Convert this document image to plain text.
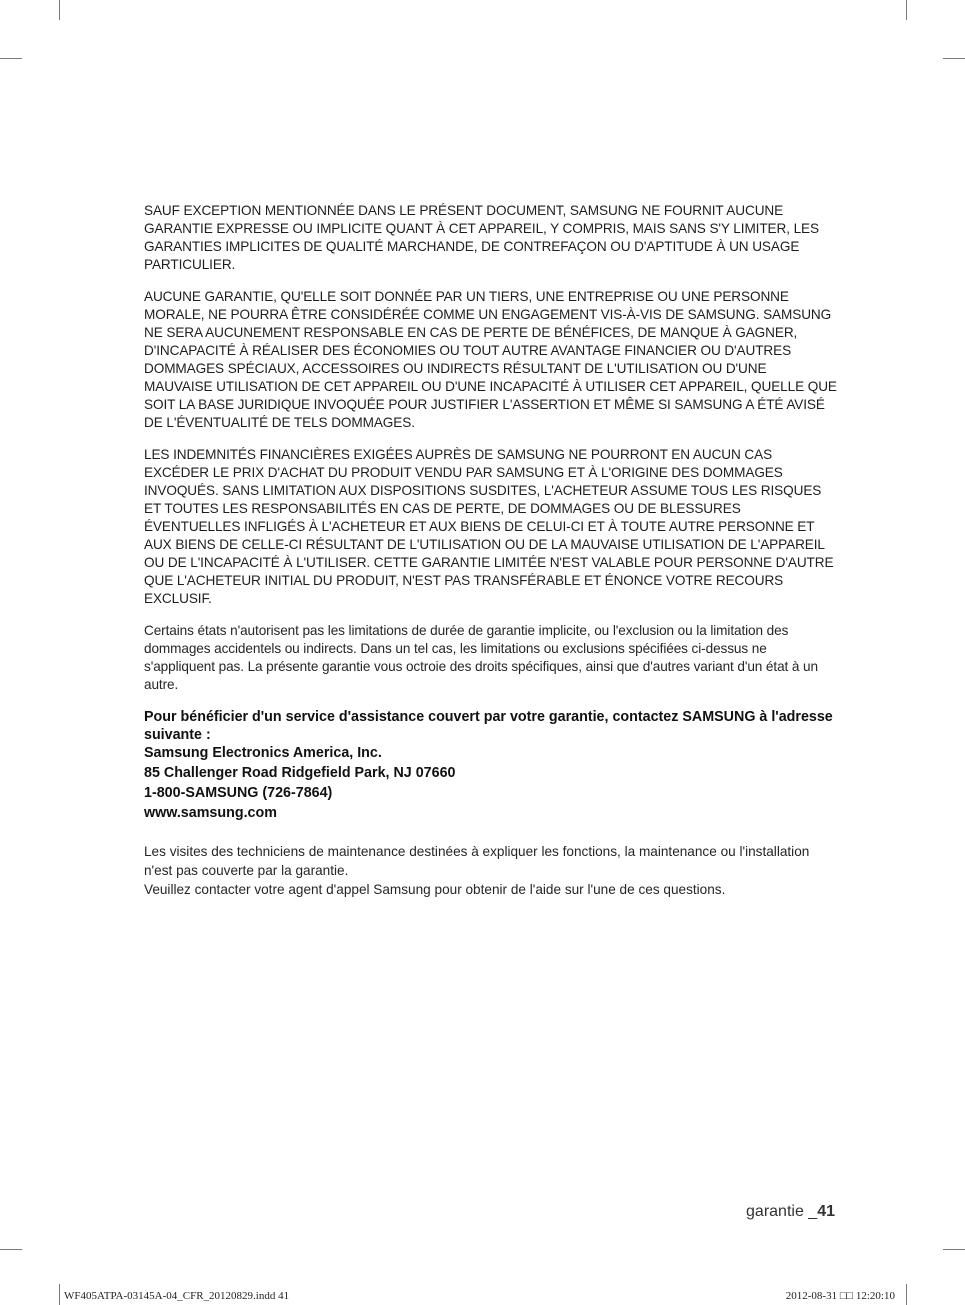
SAUF EXCEPTION MENTIONNÉE DANS LE PRÉSENT DOCUMENT, SAMSUNG NE FOURNIT AUCUNE GARANTIE EXPRESSE OU IMPLICITE QUANT À CET APPAREIL, Y COMPRIS, MAIS SANS S'Y LIMITER, LES GARANTIES IMPLICITES DE QUALITÉ MARCHANDE, DE CONTREFAÇON OU D'APTITUDE À UN USAGE PARTICULIER.

AUCUNE GARANTIE, QU'ELLE SOIT DONNÉE PAR UN TIERS, UNE ENTREPRISE OU UNE PERSONNE MORALE, NE POURRA ÊTRE CONSIDÉRÉE COMME UN ENGAGEMENT VIS-À-VIS DE SAMSUNG. SAMSUNG NE SERA AUCUNEMENT RESPONSABLE EN CAS DE PERTE DE BÉNÉFICES, DE MANQUE À GAGNER, D'INCAPACITÉ À RÉALISER DES ÉCONOMIES OU TOUT AUTRE AVANTAGE FINANCIER OU D'AUTRES DOMMAGES SPÉCIAUX, ACCESSOIRES OU INDIRECTS RÉSULTANT DE L'UTILISATION OU D'UNE MAUVAISE UTILISATION DE CET APPAREIL OU D'UNE INCAPACITÉ À UTILISER CET APPAREIL, QUELLE QUE SOIT LA BASE JURIDIQUE INVOQUÉE POUR JUSTIFIER L'ASSERTION ET MÊME SI SAMSUNG A ÉTÉ AVISÉ DE L'ÉVENTUALITÉ DE TELS DOMMAGES.

LES INDEMNITÉS FINANCIÈRES EXIGÉES AUPRÈS DE SAMSUNG NE POURRONT EN AUCUN CAS EXCÉDER LE PRIX D'ACHAT DU PRODUIT VENDU PAR SAMSUNG ET À L'ORIGINE DES DOMMAGES INVOQUÉS. SANS LIMITATION AUX DISPOSITIONS SUSDITES, L'ACHETEUR ASSUME TOUS LES RISQUES ET TOUTES LES RESPONSABILITÉS EN CAS DE PERTE, DE DOMMAGES OU DE BLESSURES ÉVENTUELLES INFLIGÉS À L'ACHETEUR ET AUX BIENS DE CELUI-CI ET À TOUTE AUTRE PERSONNE ET AUX BIENS DE CELLE-CI RÉSULTANT DE L'UTILISATION OU DE LA MAUVAISE UTILISATION DE L'APPAREIL OU DE L'INCAPACITÉ À L'UTILISER. CETTE GARANTIE LIMITÉE N'EST VALABLE POUR PERSONNE D'AUTRE QUE L'ACHETEUR INITIAL DU PRODUIT, N'EST PAS TRANSFÉRABLE ET ÉNONCE VOTRE RECOURS EXCLUSIF.

Certains états n'autorisent pas les limitations de durée de garantie implicite, ou l'exclusion ou la limitation des dommages accidentels ou indirects. Dans un tel cas, les limitations ou exclusions spécifiées ci-dessus ne s'appliquent pas. La présente garantie vous octroie des droits spécifiques, ainsi que d'autres variant d'un état à un autre.

Pour bénéficier d'un service d'assistance couvert par votre garantie, contactez SAMSUNG à l'adresse suivante :
Samsung Electronics America, Inc.
85 Challenger Road Ridgefield Park, NJ 07660
1-800-SAMSUNG (726-7864)
www.samsung.com

Les visites des techniciens de maintenance destinées à expliquer les fonctions, la maintenance ou l'installation n'est pas couverte par la garantie.

Veuillez contacter votre agent d'appel Samsung pour obtenir de l'aide sur l'une de ces questions.

garantie _41
WF405ATPA-03145A-04_CFR_20120829.indd 41	2012-08-31 □□ 12:20:10
